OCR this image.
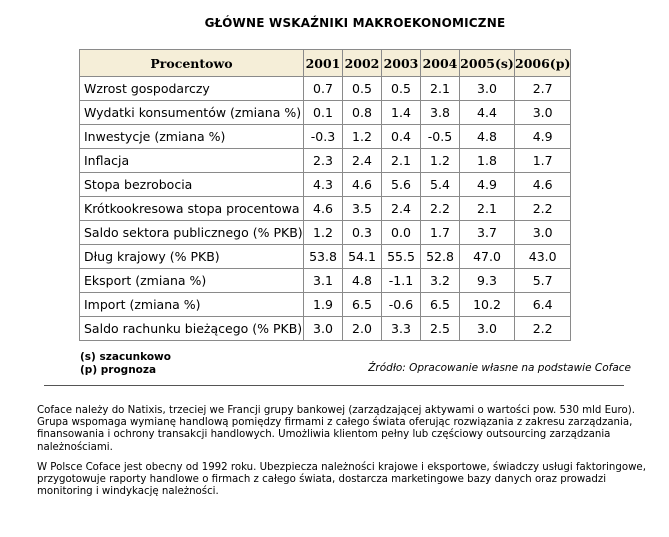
GŁÓWNE WSKAŹNIKI MAKROEKONOMICZNE
Procentowo	2001	2002	2003	2004	2005(s)	2006(p)
Wzrost gospodarczy	0.7	0.5	0.5	2.1	3.0	2.7
Wydatki konsumentów (zmiana %)	0.1	0.8	1.4	3.8	4.4	3.0
Inwestycje (zmiana %)	-0.3	1.2	0.4	-0.5	4.8	4.9
Inflacja	2.3	2.4	2.1	1.2	1.8	1.7
Stopa bezrobocia	4.3	4.6	5.6	5.4	4.9	4.6
Krótkookresowa stopa procentowa	4.6	3.5	2.4	2.2	2.1	2.2
Saldo sektora publicznego (% PKB)	1.2	0.3	0.0	1.7	3.7	3.0
Dług krajowy (% PKB)	53.8	54.1	55.5	52.8	47.0	43.0
Eksport (zmiana %)	3.1	4.8	-1.1	3.2	9.3	5.7
Import (zmiana %)	1.9	6.5	-0.6	6.5	10.2	6.4
Saldo rachunku bieżącego (% PKB)	3.0	2.0	3.3	2.5	3.0	2.2
(s) szacunkowo
(p) prognoza	Źródło: Opracowanie własne na podstawie Coface
Coface należy do Natixis, trzeciej we Francji grupy bankowej (zarządzającej aktywami o wartości pow. 530 mld Euro). Grupa wspomaga wymianę handlową pomiędzy firmami z całego świata oferując rozwiązania z zakresu zarządzania, finansowania i ochrony transakcji handlowych. Umożliwia klientom pełny lub częściowy outsourcing zarządzania należnościami.
W Polsce Coface jest obecny od 1992 roku. Ubezpiecza należności krajowe i eksportowe, świadczy usługi faktoringowe, przygotowuje raporty handlowe o firmach z całego świata, dostarcza marketingowe bazy danych oraz prowadzi monitoring i windykację należności.
